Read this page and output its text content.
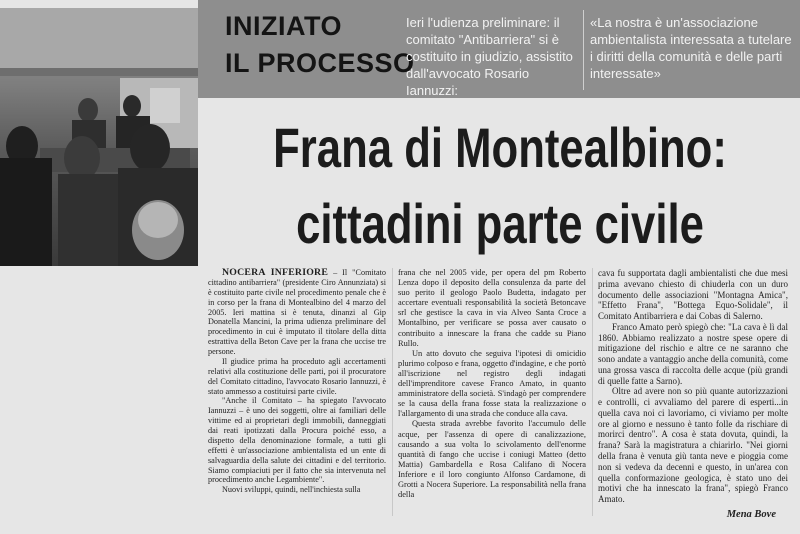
INIZIATO
IL PROCESSO
Ieri l'udienza preliminare: il comitato "Antibarriera" si è costituito in giudizio, assistito dall'avvocato Rosario Iannuzzi:
«La nostra è un'associazione ambientalista interessata a tutelare i diritti della comunità e delle parti interessate»
Frana di Montealbino:
cittadini parte civile

NOCERA INFERIORE – Il "Comitato cittadino antibarriera" (presidente Ciro Annunziata) si è costituito parte civile nel procedimento penale che è in corso per la frana di Montealbino del 4 marzo del 2005. Ieri mattina si è tenuta, dinanzi al Gip Donatella Mancini, la prima udienza preliminare del procedimento in cui è imputato il titolare della ditta estrattiva della Beton Cave per la frana che uccise tre persone.

Il giudice prima ha proceduto agli accertamenti relativi alla costituzione delle parti, poi il procuratore del Comitato cittadino, l'avvocato Rosario Iannuzzi, è stato ammesso a costituirsi parte civile.

"Anche il Comitato – ha spiegato l'avvocato Iannuzzi – è uno dei soggetti, oltre ai familiari delle vittime ed ai proprietari degli immobili, danneggiati dai reati ipotizzati dalla Procura poiché esso, a dispetto della denominazione formale, a tutti gli effetti è un'associazione ambientalista ed un ente di salvaguardia della salute dei cittadini e del territorio. Siamo compiaciuti per il fatto che sia intervenuta nel procedimento anche Legambiente".

Nuovi sviluppi, quindi, nell'inchiesta sulla

frana che nel 2005 vide, per opera del pm Roberto Lenza dopo il deposito della consulenza da parte del suo perito il geologo Paolo Budetta, indagato per accertare eventuali responsabilità la società Betoncave srl che gestisce la cava in via Alveo Santa Croce a Montalbino, per verificare se possa aver causato o contribuito a innescare la frana che cadde su Piano Rullo.

Un atto dovuto che seguiva l'ipotesi di omicidio plurimo colposo e frana, oggetto d'indagine, e che portò all'iscrizione nel registro degli indagati dell'imprenditore cavese Franco Amato, in quanto amministratore della società. S'indagò per comprendere se la causa della frana fosse stata la realizzazione o l'allargamento di una strada che conduce alla cava.

Questa strada avrebbe favorito l'accumulo delle acque, per l'assenza di opere di canalizzazione, causando a sua volta lo scivolamento dell'enorme quantità di fango che uccise i coniugi Matteo (detto Mattia) Gambardella e Rosa Califano di Nocera Inferiore e il loro congiunto Alfonso Cardamone, di Grotti a Nocera Superiore. La responsabilità nella frana della

cava fu supportata dagli ambientalisti che due mesi prima avevano chiesto di chiuderla con un duro documento delle associazioni "Montagna Amica", "Effetto Frana", "Bottega Equo-Solidale", il Comitato Antibarriera e dai Cobas di Salerno.

Franco Amato però spiegò che: "La cava è lì dal 1860. Abbiamo realizzato a nostre spese opere di mitigazione del rischio e altre ce ne saranno che sono andate a vantaggio anche della comunità, come una grossa vasca di raccolta delle acque (più grandi di quelle fatte a Sarno).

Oltre ad avere non so più quante autorizzazioni e controlli, ci avvaliamo del parere di esperti...in quella cava noi ci lavoriamo, ci viviamo per molte ore al giorno e nessuno è tanto folle da rischiare di morirci dentro". A cosa è stata dovuta, quindi, la frana? Sarà la magistratura a chiarirlo. "Nei giorni della frana è venuta giù tanta neve e pioggia come non si vedeva da decenni e questo, in un'area con quella conformazione geologica, è stato uno dei motivi che ha innescato la frana", spiegò Franco Amato.

Mena Bove
